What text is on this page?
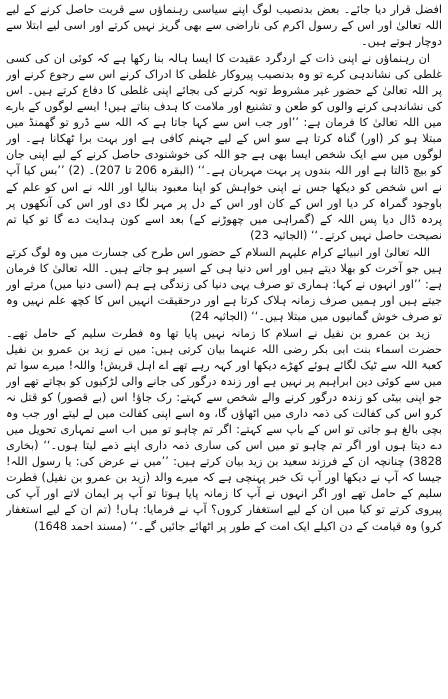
افضل قرار دیا جائے۔ بعض بدنصیب لوگ اپنے سیاسی رہنماؤں سے قربت حاصل کرنے کے لیے اللہ تعالیٰ اور اس کے رسول اکرم کی ناراضی سے بھی گریز نہیں کرتے اور اسی لیے ابتلا سے دوچار ہوتے ہیں۔

ان رہنماؤں نے اپنی ذات کے اردگرد عقیدت کا ایسا ہالہ بنا رکھا ہے کہ کوئی ان کی کسی غلطی کی نشاندہی کرے تو وہ بدنصیب پیروکار غلطی کا ادراک کرنے اس سے رجوع کرنے اور پر اللہ تعالیٰ کے حضور غیر مشروط توبہ کرنے کی بجائے اپنی غلطی کا دفاع کرتے ہیں۔ اس کی نشاندہی کرنے والوں کو طعن و تشنیع اور ملامت کا ہدف بناتے ہیں! ایسے لوگوں کے بارے میں اللہ تعالیٰ کا فرمان ہے: ’’اور جب اس سے کہا جاتا ہے کہ اللہ سے ڈرو تو گھمنڈ میں مبتلا ہو کر (اور) گناہ کرتا ہے سو اس کے لیے جہنم کافی ہے اور بہت برا ٹھکانا ہے۔ اور لوگوں میں سے ایک شخص ایسا بھی ہے جو اللہ کی خوشنودی حاصل کرنے کے لیے اپنی جان کو بیچ ڈالتا ہے اور اللہ بندوں پر بہت مہربان ہے۔‘‘ (البقرہ 206 تا 207)۔ (2) ’’بس کیا آپ نے اس شخص کو دیکھا جس نے اپنی خواہش کو اپنا معبود بنالیا اور اللہ نے اس کو علم کے باوجود گمراہ کر دیا اور اس کے کان اور اس کے دل پر مہر لگا دی اور اس کی آنکھوں پر پردہ ڈال دیا پس اللہ کے (گمراہی میں چھوڑنے کے) بعد اسے کون ہدایت دے گا تو کیا تم نصیحت حاصل نہیں کرتے۔‘‘ (الجاثیہ 23)

اللہ تعالیٰ اور انبیائے کرام علیہم السلام کے حضور اس طرح کی جسارت میں وہ لوگ کرتے ہیں جو آخرت کو بھلا دیتے ہیں اور اس دنیا ہی کے اسیر ہو جاتے ہیں۔ اللہ تعالیٰ کا فرمان ہے: ’’اور انہوں نے کہا: ہماری تو صرف یہی دنیا کی زندگی ہے ہم (اسی دنیا میں) مرتے اور جیتے ہیں اور ہمیں صرف زمانہ ہلاک کرتا ہے اور درحقیقت انہیں اس کا کچھ علم نہیں وہ تو صرف خوش گمانیوں میں مبتلا ہیں۔‘‘ (الجاثیہ 24)

زید بن عمرو بن نفیل نے اسلام کا زمانہ نہیں پایا تھا وہ فطرت سلیم کے حامل تھے۔ حضرت اسماء بنت ابی بکر رضی اللہ عنہما بیان کرتی ہیں: میں نے زید بن عمرو بن نفیل کعبۃ اللہ سے ٹیک لگائے ہوئے کھڑے دیکھا اور کہہ رہے تھے اے اہل قریش! واللہ! میرے سوا تم میں سے کوئی دین ابراہیم پر نہیں ہے اور زندہ درگور کی جانے والی لڑکیوں کو بچاتے تھے اور جو اپنی بیٹی کو زندہ درگور کرنے والے شخص سے کہتے: رک جاؤ! اس (بے قصور) کو قتل نہ کرو اس کی کفالت کی ذمہ داری میں اٹھاؤں گا، وہ اسے اپنی کفالت میں لے لیتے اور جب وہ بچی بالغ ہو جاتی تو اس کے باپ سے کہتے: اگر تم چاہو تو میں اب اسے تمہاری تحویل میں دے دیتا ہوں اور اگر تم چاہو تو میں اس کی ساری ذمہ داری اپنے ذمے لیتا ہوں۔‘‘ (بخاری 3828) چنانچہ ان کے فرزند سعید بن زید بیان کرتے ہیں: ’’میں نے عرض کی: یا رسول اللہ! جیسا کہ آپ نے دیکھا اور آپ تک خبر پہنچی ہے کہ میرے والد (زید بن عمرو بن نفیل) فطرت سلیم کے حامل تھے اور اگر انہوں نے آپ کا زمانہ پایا ہوتا تو آپ پر ایمان لاتے اور آپ کی پیروی کرتے تو کیا میں ان کے لیے استغفار کروں؟ آپ نے فرمایا: ہاں! (تم ان کے لیے استغفار کرو) وہ قیامت کے دن اکیلے ایک امت کے طور پر اٹھائے جائیں گے۔‘‘ (مسند احمد 1648)
